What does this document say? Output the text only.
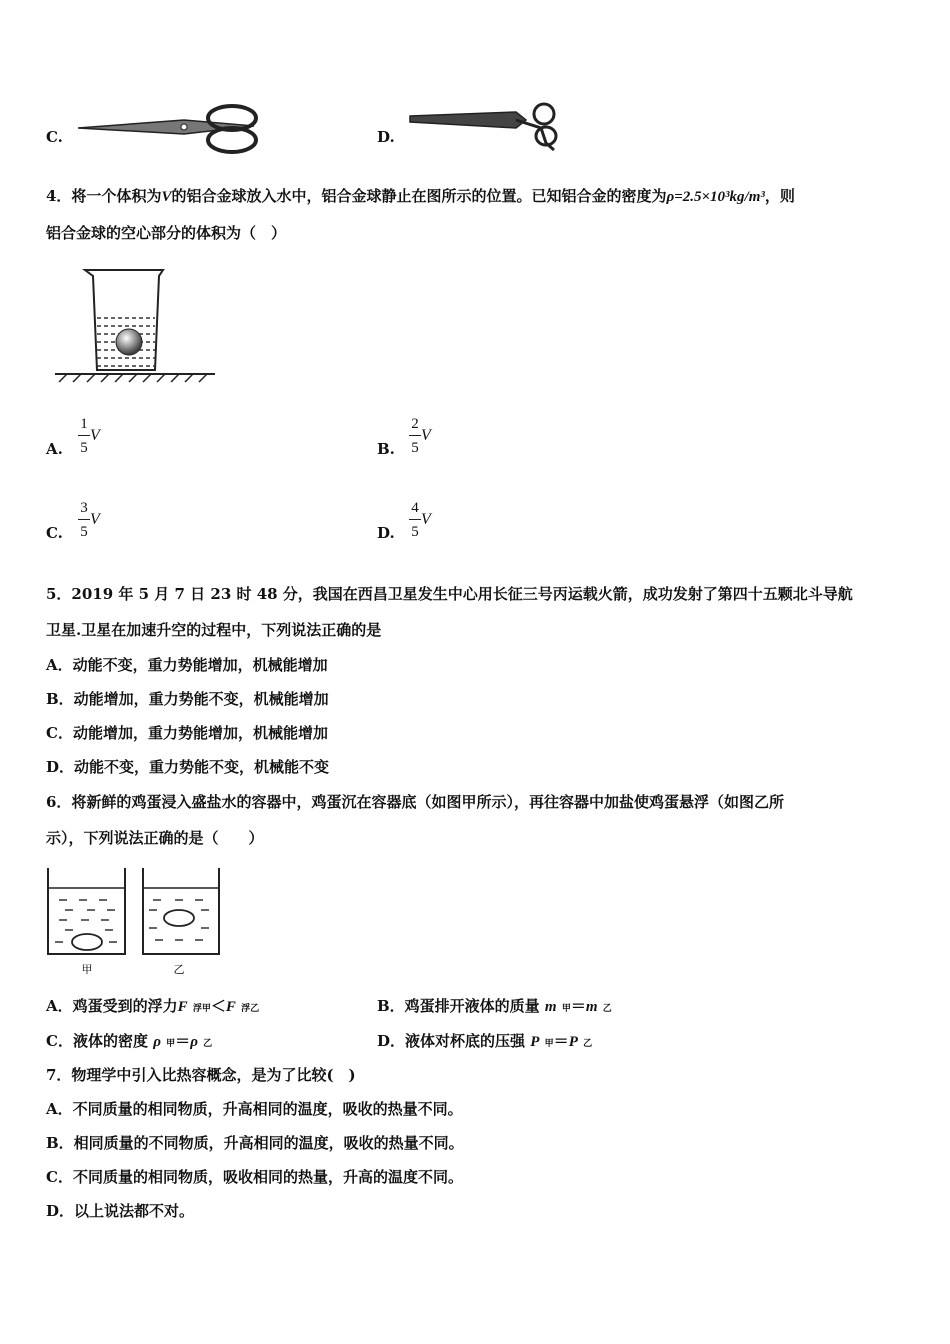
C.	D.
4．将一个体积为V的铝合金球放入水中，铝合金球静止在图所示的位置。已知铝合金的密度为ρ=2.5×10³kg/m³，则
铝合金球的空心部分的体积为（　）
A.
1
5
V
B.
2
5
V
C.
3
5
V
D.
4
5
V
5．2019 年 5 月 7 日 23 时 48 分，我国在西昌卫星发生中心用长征三号丙运载火箭，成功发射了第四十五颗北斗导航
卫星.卫星在加速升空的过程中，下列说法正确的是
A．动能不变，重力势能增加，机械能增加
B．动能增加，重力势能不变，机械能增加
C．动能增加，重力势能增加，机械能增加
D．动能不变，重力势能不变，机械能不变
6．将新鲜的鸡蛋浸入盛盐水的容器中，鸡蛋沉在容器底（如图甲所示），再往容器中加盐使鸡蛋悬浮（如图乙所
示），下列说法正确的是（　　）
甲	乙
A．鸡蛋受到的浮力F 浮甲＜F 浮乙	B．鸡蛋排开液体的质量 m 甲＝m 乙
C．液体的密度 ρ 甲＝ρ 乙	D．液体对杯底的压强 P 甲＝P 乙
7．物理学中引入比热容概念，是为了比较(　)
A．不同质量的相同物质，升高相同的温度，吸收的热量不同。
B．相同质量的不同物质，升高相同的温度，吸收的热量不同。
C．不同质量的相同物质，吸收相同的热量，升高的温度不同。
D．以上说法都不对。
